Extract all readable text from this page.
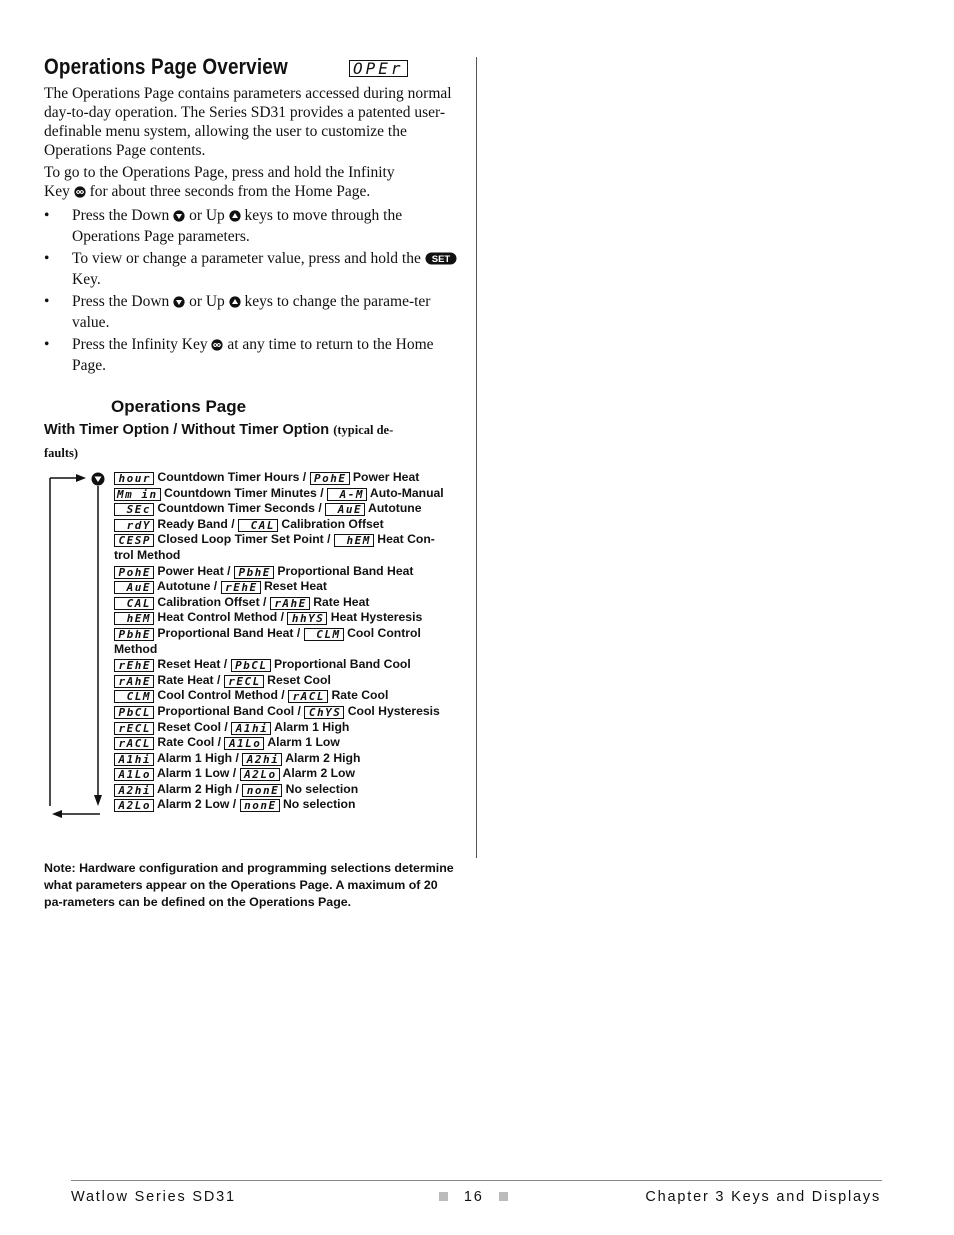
Operations Page Overview	OPEr
The Operations Page contains parameters accessed during normal day-to-day operation. The Series SD31 provides a patented user-definable menu system, allowing the user to customize the Operations Page contents.
To go to the Operations Page, press and hold the Infinity
Key for about three seconds from the Home Page.
• Press the Down or Up keys to move through the Operations Page parameters.
• To view or change a parameter value, press and hold the SET
Key.
• Press the Down or Up keys to change the parame-ter value.
• Press the Infinity Key at any time to return to the Home Page.
Operations Page
With Timer Option / Without Timer Option (typical de-
faults)
hour Countdown Timer Hours / PohE Power Heat
Mm in Countdown Timer Minutes / A-M Auto-Manual
SEc Countdown Timer Seconds / AuE Autotune
rdY Ready Band / CAL Calibration Offset
CESP Closed Loop Timer Set Point / hEM Heat Con-
trol Method
PohE Power Heat / PbhE Proportional Band Heat
AuE Autotune / rEhE Reset Heat
CAL Calibration Offset / rAhE Rate Heat
hEM Heat Control Method / hhYS Heat Hysteresis
PbhE Proportional Band Heat / CLM Cool Control
Method
rEhE Reset Heat / PbCL Proportional Band Cool
rAhE Rate Heat / rECL Reset Cool
CLM Cool Control Method / rACL Rate Cool
PbCL Proportional Band Cool / ChYS Cool Hysteresis
rECL Reset Cool / A1hi Alarm 1 High
rACL Rate Cool / A1Lo Alarm 1 Low
A1hi Alarm 1 High / A2hi Alarm 2 High
A1Lo Alarm 1 Low / A2Lo Alarm 2 Low
A2hi Alarm 2 High / nonE No selection
A2Lo Alarm 2 Low / nonE No selection
Note: Hardware configuration and programming selections determine what parameters appear on the Operations Page. A maximum of 20 pa-rameters can be defined on the Operations Page.
Watlow Series SD31	16	Chapter 3 Keys and Displays
